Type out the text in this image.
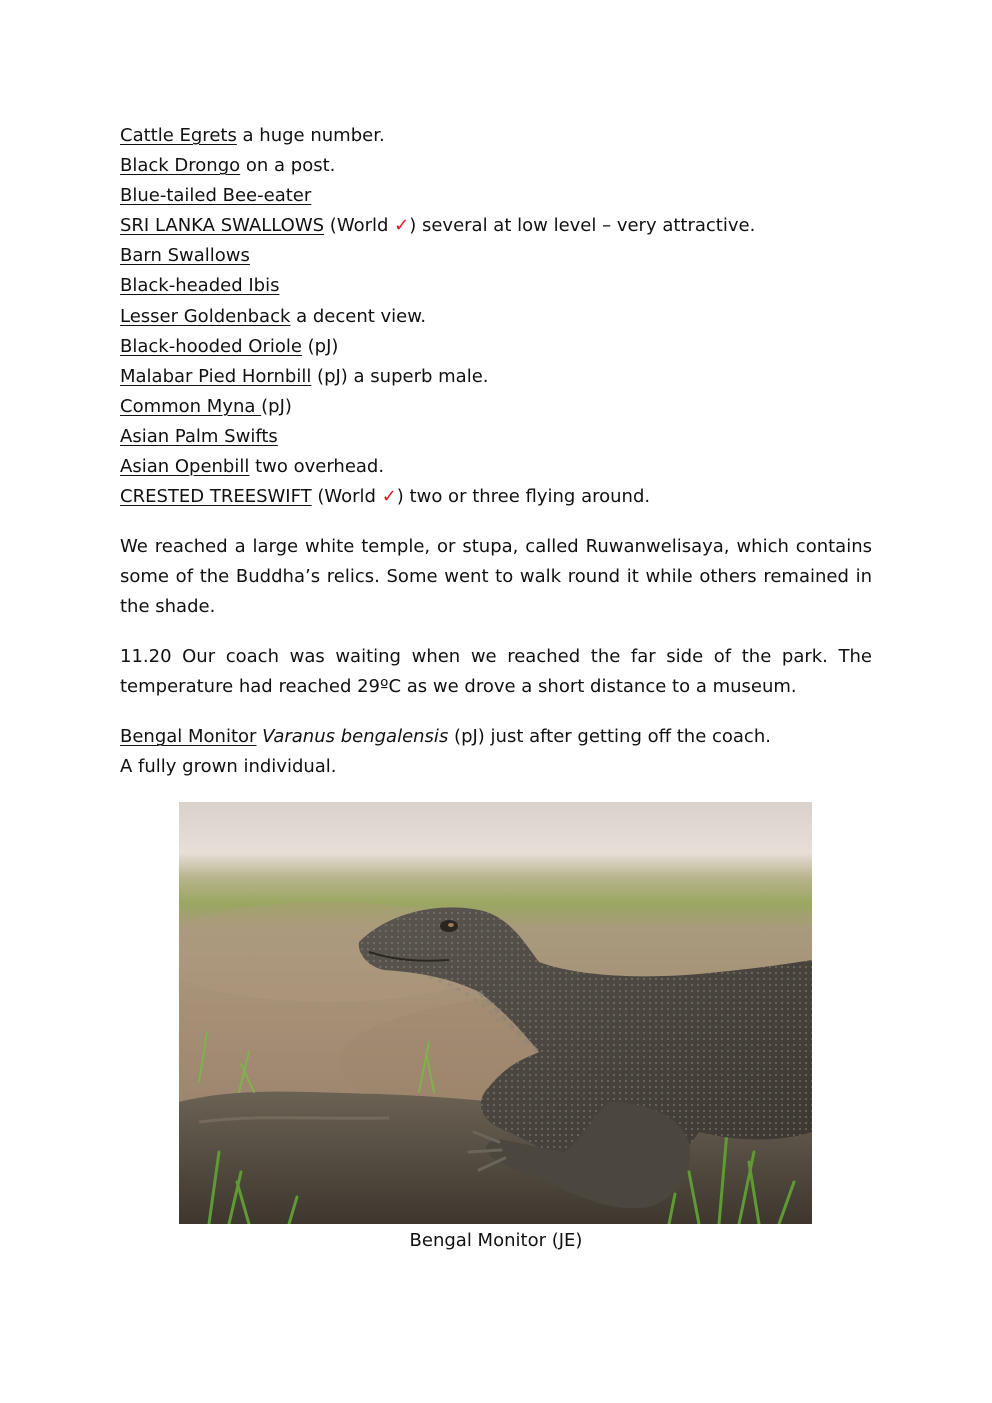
Cattle Egrets a huge number.
Black Drongo on a post.
Blue-tailed Bee-eater
SRI LANKA SWALLOWS (World ✓) several at low level – very attractive.
Barn Swallows
Black-headed Ibis
Lesser Goldenback a decent view.
Black-hooded Oriole (pJ)
Malabar Pied Hornbill (pJ) a superb male.
Common Myna (pJ)
Asian Palm Swifts
Asian Openbill two overhead.
CRESTED TREESWIFT (World ✓) two or three flying around.

We reached a large white temple, or stupa, called Ruwanwelisaya, which contains some of the Buddha’s relics. Some went to walk round it while others remained in the shade.

11.20 Our coach was waiting when we reached the far side of the park. The temperature had reached 29ºC as we drove a short distance to a museum.

Bengal Monitor Varanus bengalensis (pJ) just after getting off the coach.
A fully grown individual.

Bengal Monitor (JE)
